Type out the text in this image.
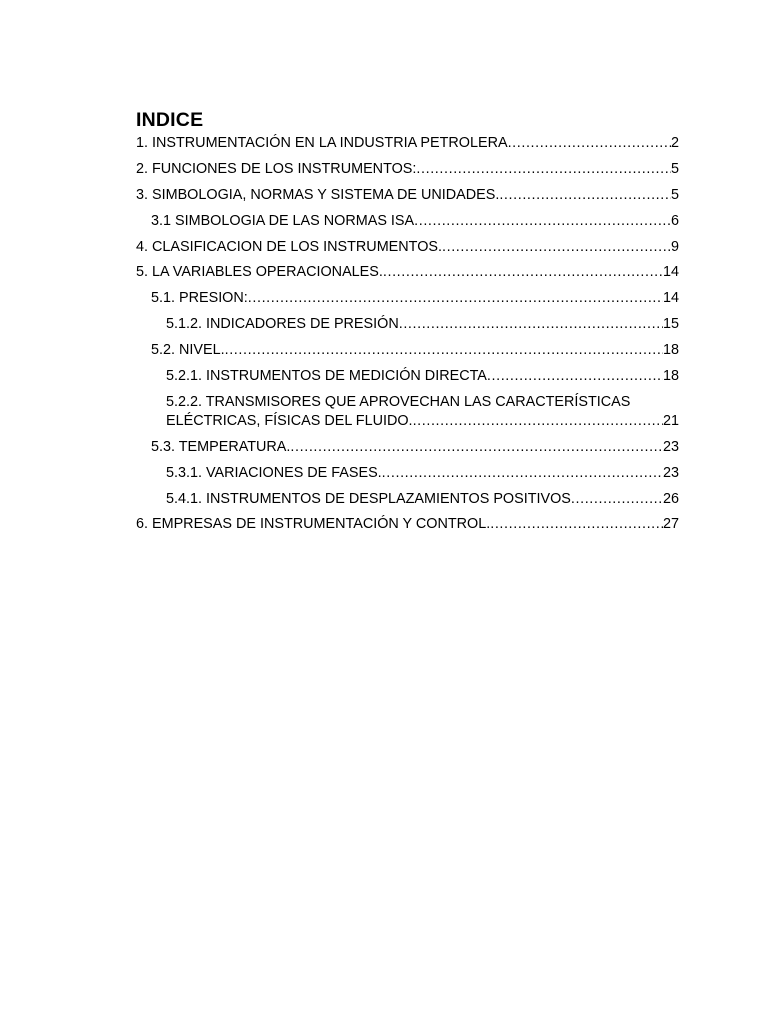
INDICE
1. INSTRUMENTACIÓN EN LA INDUSTRIA PETROLERA .....	2
2. FUNCIONES DE LOS INSTRUMENTOS: .....	5
3. SIMBOLOGIA, NORMAS Y SISTEMA DE UNIDADES. .....	5
3.1 SIMBOLOGIA DE LAS NORMAS ISA .....	6
4. CLASIFICACION DE LOS INSTRUMENTOS. .....	9
5. LA VARIABLES OPERACIONALES. .....	14
5.1. PRESION: .....	14
5.1.2. INDICADORES DE PRESIÓN .....	15
5.2. NIVEL. .....	18
5.2.1. INSTRUMENTOS DE MEDICIÓN DIRECTA .....	18
5.2.2. TRANSMISORES QUE APROVECHAN LAS CARACTERÍSTICAS
ELÉCTRICAS, FÍSICAS DEL FLUIDO. .....	21
5.3. TEMPERATURA. .....	23
5.3.1. VARIACIONES DE FASES. .....	23
5.4.1. INSTRUMENTOS DE DESPLAZAMIENTOS POSITIVOS .....	26
6. EMPRESAS DE INSTRUMENTACIÓN Y CONTROL. .....	27
